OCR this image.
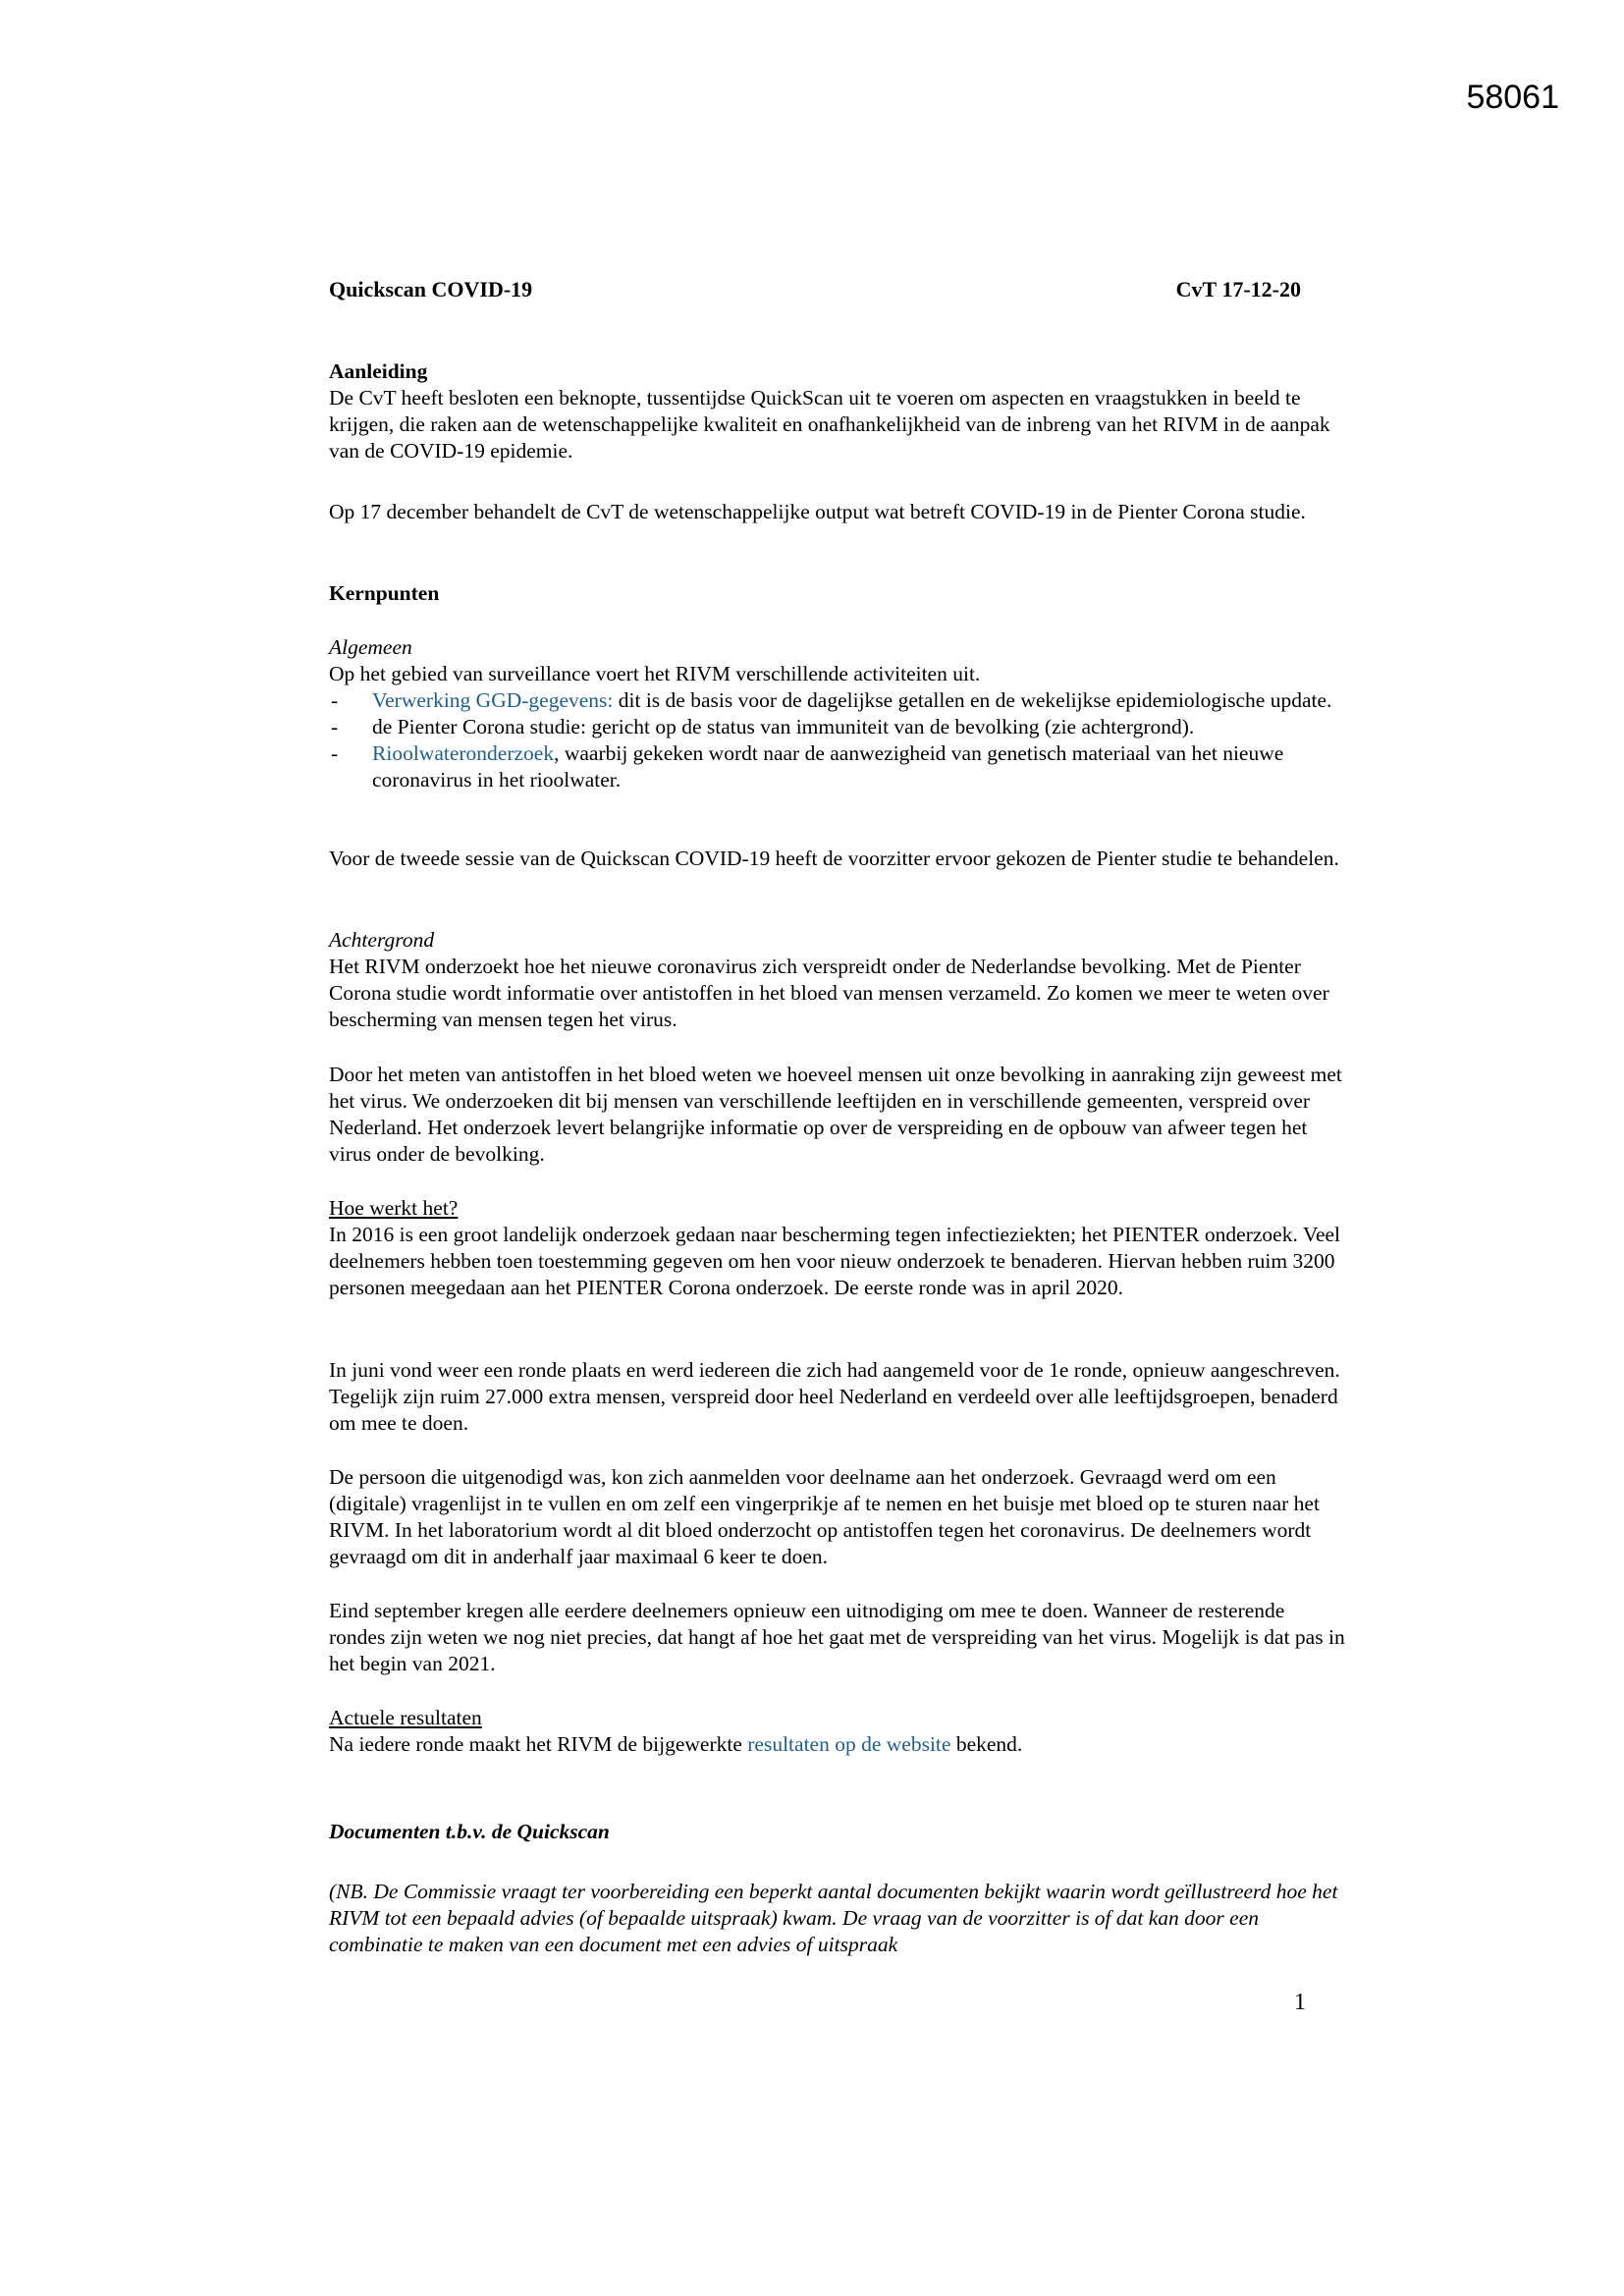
58061
Quickscan COVID-19	CvT 17-12-20

Aanleiding

De CvT heeft besloten een beknopte, tussentijdse QuickScan uit te voeren om aspecten en vraagstukken in beeld te krijgen, die raken aan de wetenschappelijke kwaliteit en onafhankelijkheid van de inbreng van het RIVM in de aanpak van de COVID-19 epidemie.

Op 17 december behandelt de CvT de wetenschappelijke output wat betreft COVID-19 in de Pienter Corona studie.

Kernpunten

Algemeen

Op het gebied van surveillance voert het RIVM verschillende activiteiten uit.

- Verwerking GGD-gegevens: dit is de basis voor de dagelijkse getallen en de wekelijkse epidemiologische update.
- de Pienter Corona studie: gericht op de status van immuniteit van de bevolking (zie achtergrond).
- Rioolwateronderzoek, waarbij gekeken wordt naar de aanwezigheid van genetisch materiaal van het nieuwe coronavirus in het rioolwater.

Voor de tweede sessie van de Quickscan COVID-19 heeft de voorzitter ervoor gekozen de Pienter studie te behandelen.

Achtergrond

Het RIVM onderzoekt hoe het nieuwe coronavirus zich verspreidt onder de Nederlandse bevolking. Met de Pienter Corona studie wordt informatie over antistoffen in het bloed van mensen verzameld. Zo komen we meer te weten over bescherming van mensen tegen het virus.

Door het meten van antistoffen in het bloed weten we hoeveel mensen uit onze bevolking in aanraking zijn geweest met het virus. We onderzoeken dit bij mensen van verschillende leeftijden en in verschillende gemeenten, verspreid over Nederland. Het onderzoek levert belangrijke informatie op over de verspreiding en de opbouw van afweer tegen het virus onder de bevolking.

Hoe werkt het?

In 2016 is een groot landelijk onderzoek gedaan naar bescherming tegen infectieziekten; het PIENTER onderzoek. Veel deelnemers hebben toen toestemming gegeven om hen voor nieuw onderzoek te benaderen. Hiervan hebben ruim 3200 personen meegedaan aan het PIENTER Corona onderzoek. De eerste ronde was in april 2020.

In juni vond weer een ronde plaats en werd iedereen die zich had aangemeld voor de 1e ronde, opnieuw aangeschreven. Tegelijk zijn ruim 27.000 extra mensen, verspreid door heel Nederland en verdeeld over alle leeftijdsgroepen, benaderd om mee te doen.

De persoon die uitgenodigd was, kon zich aanmelden voor deelname aan het onderzoek. Gevraagd werd om een (digitale) vragenlijst in te vullen en om zelf een vingerprikje af te nemen en het buisje met bloed op te sturen naar het RIVM. In het laboratorium wordt al dit bloed onderzocht op antistoffen tegen het coronavirus. De deelnemers wordt gevraagd om dit in anderhalf jaar maximaal 6 keer te doen.

Eind september kregen alle eerdere deelnemers opnieuw een uitnodiging om mee te doen. Wanneer de resterende rondes zijn weten we nog niet precies, dat hangt af hoe het gaat met de verspreiding van het virus. Mogelijk is dat pas in het begin van 2021.

Actuele resultaten

Na iedere ronde maakt het RIVM de bijgewerkte resultaten op de website bekend.

Documenten t.b.v. de Quickscan

(NB. De Commissie vraagt ter voorbereiding een beperkt aantal documenten bekijkt waarin wordt geïllustreerd hoe het RIVM tot een bepaald advies (of bepaalde uitspraak) kwam. De vraag van de voorzitter is of dat kan door een combinatie te maken van een document met een advies of uitspraak

1
